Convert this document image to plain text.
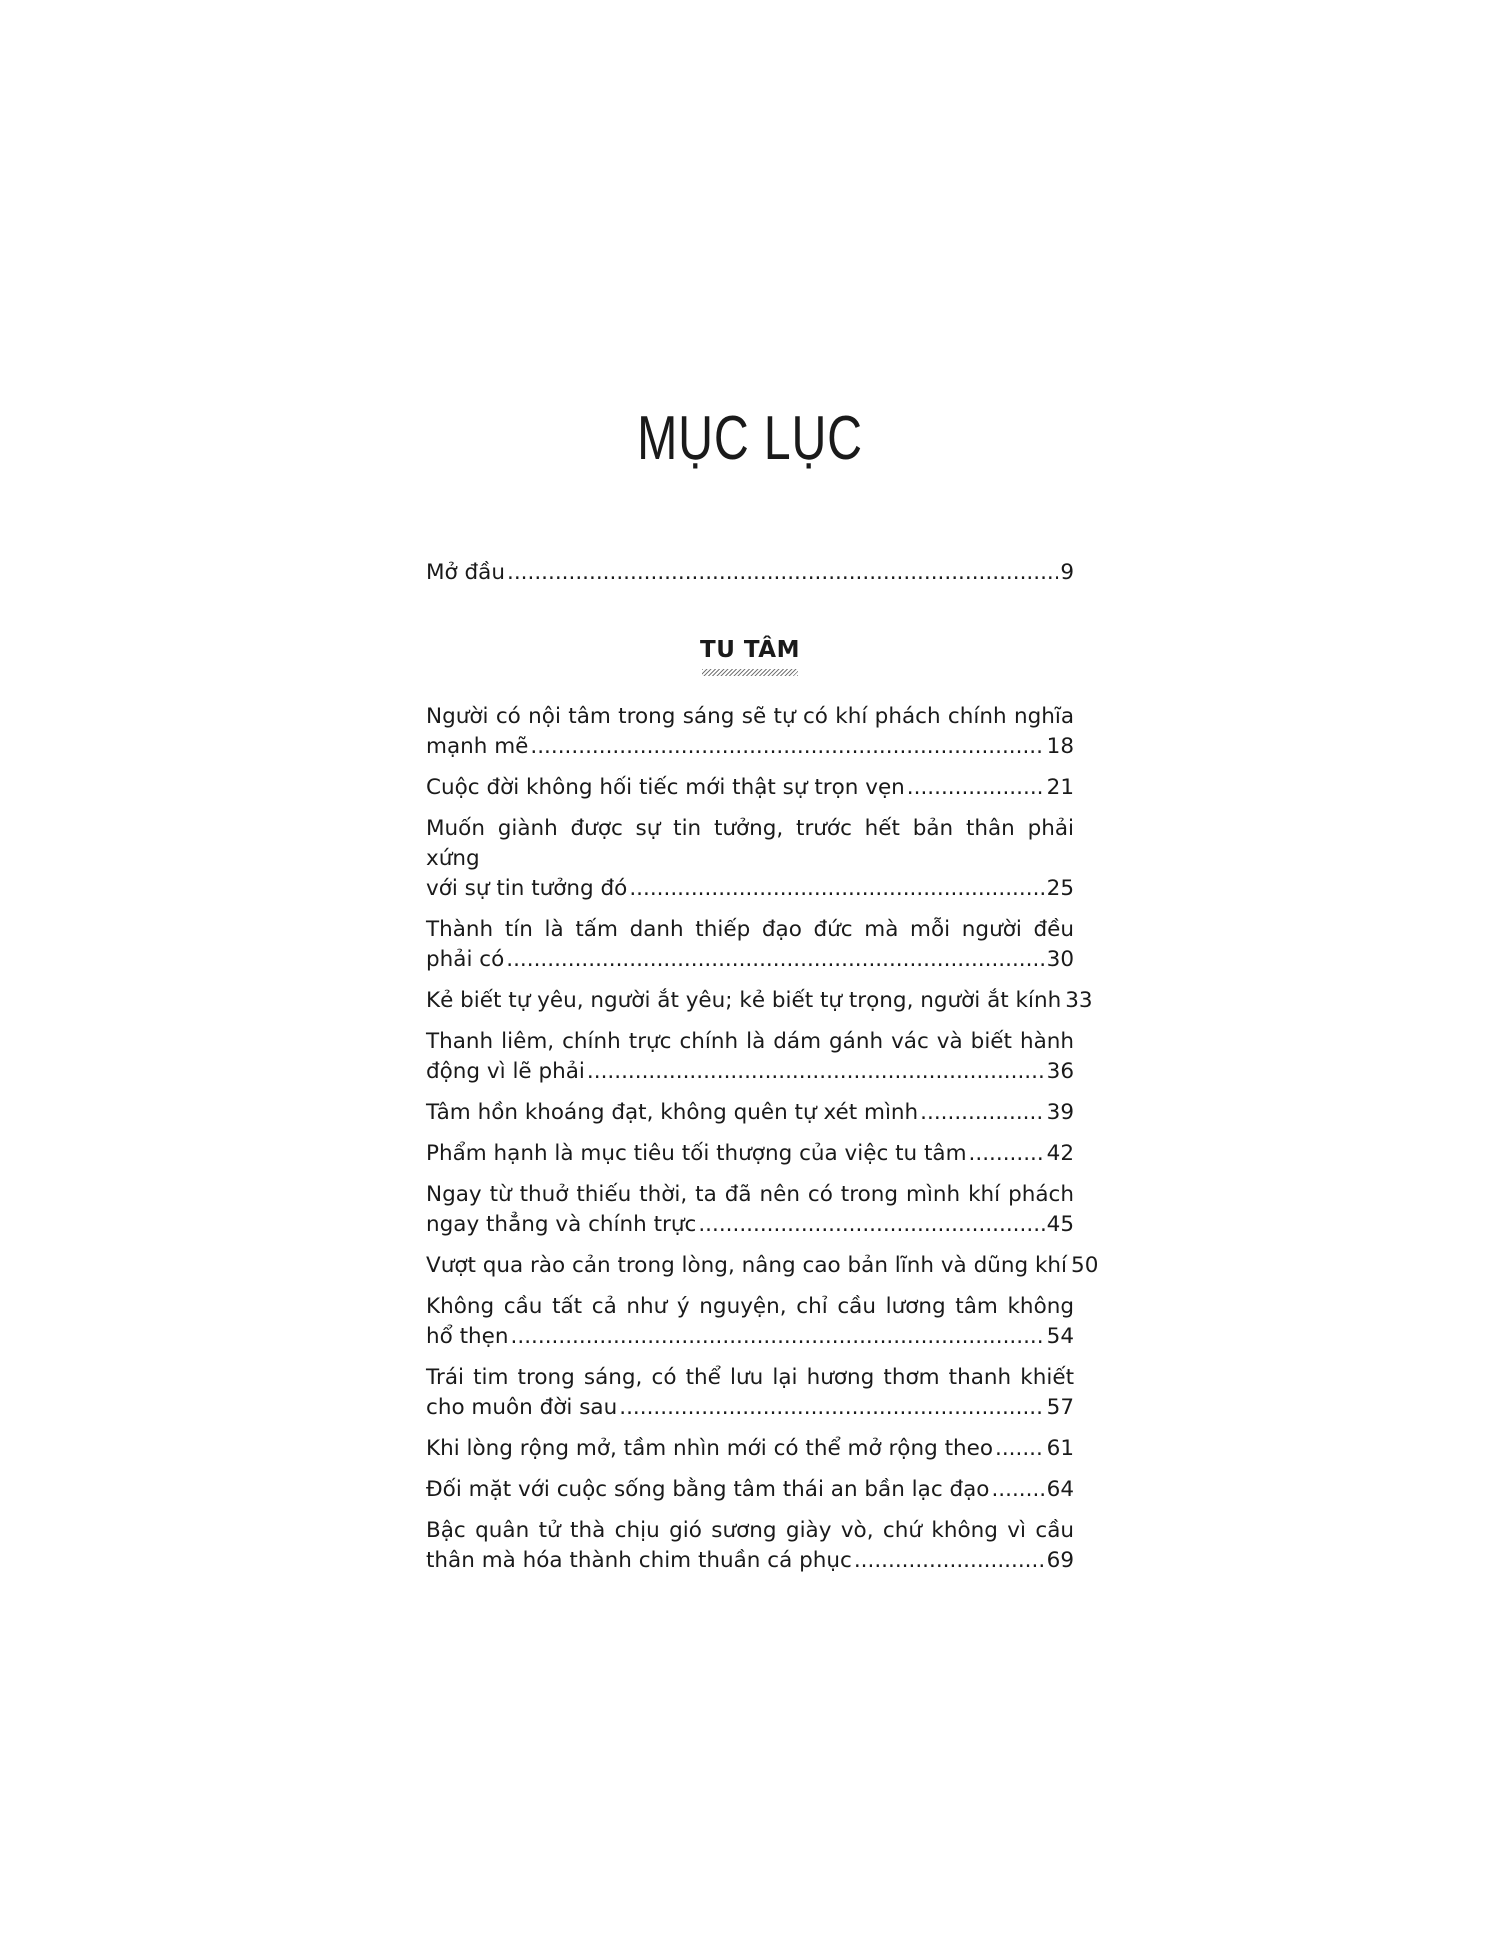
MỤC LỤC
Mở đầu .....	9
TU TÂM
Người có nội tâm trong sáng sẽ tự có khí phách chính nghĩa
mạnh mẽ .....	18
Cuộc đời không hối tiếc mới thật sự trọn vẹn .....	21
Muốn giành được sự tin tưởng, trước hết bản thân phải xứng
với sự tin tưởng đó .....	25
Thành tín là tấm danh thiếp đạo đức mà mỗi người đều
phải có .....	30
Kẻ biết tự yêu, người ắt yêu; kẻ biết tự trọng, người ắt kính 33
Thanh liêm, chính trực chính là dám gánh vác và biết hành
động vì lẽ phải .....	36
Tâm hồn khoáng đạt, không quên tự xét mình .....	39
Phẩm hạnh là mục tiêu tối thượng của việc tu tâm .....	42
Ngay từ thuở thiếu thời, ta đã nên có trong mình khí phách
ngay thẳng và chính trực .....	45
Vượt qua rào cản trong lòng, nâng cao bản lĩnh và dũng khí 50
Không cầu tất cả như ý nguyện, chỉ cầu lương tâm không
hổ thẹn .....	54
Trái tim trong sáng, có thể lưu lại hương thơm thanh khiết
cho muôn đời sau .....	57
Khi lòng rộng mở, tầm nhìn mới có thể mở rộng theo ..... 61
Đối mặt với cuộc sống bằng tâm thái an bần lạc đạo .....	64
Bậc quân tử thà chịu gió sương giày vò, chứ không vì cầu
thân mà hóa thành chim thuần cá phục .....	69
